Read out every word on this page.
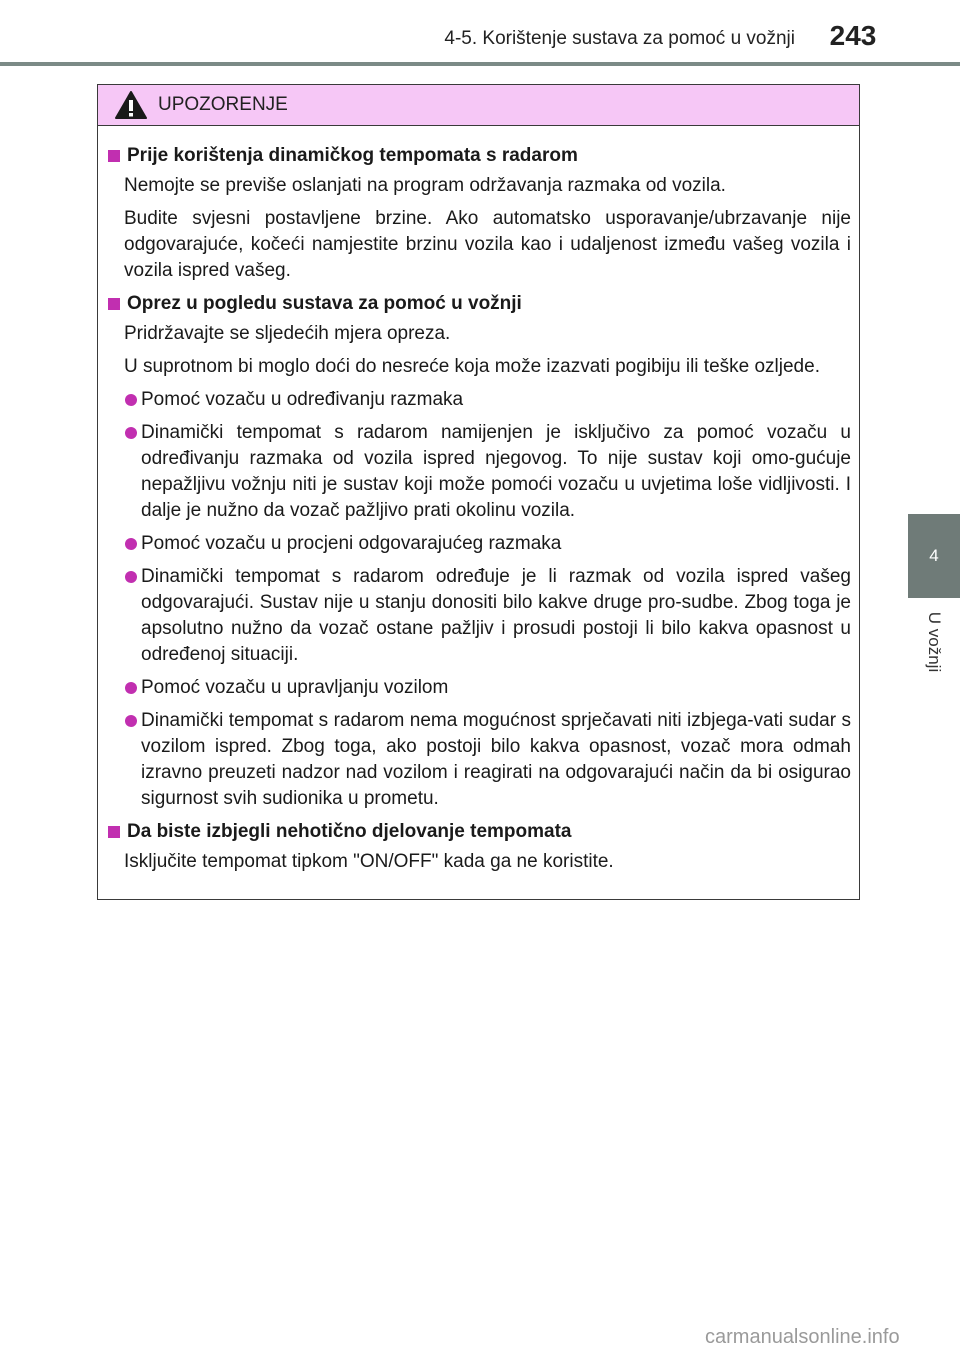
4-5. Korištenje sustava za pomoć u vožnji	243
4
U vožnji
UPOZORENJE
Prije korištenja dinamičkog tempomata s radarom

Nemojte se previše oslanjati na program održavanja razmaka od vozila.

Budite svjesni postavljene brzine. Ako automatsko usporavanje/ubrzavanje nije odgovarajuće, kočeći namjestite brzinu vozila kao i udaljenost između vašeg vozila i vozila ispred vašeg.

Oprez u pogledu sustava za pomoć u vožnji

Pridržavajte se sljedećih mjera opreza.

U suprotnom bi moglo doći do nesreće koja može izazvati pogibiju ili teške ozljede.

Pomoć vozaču u određivanju razmaka
Dinamički tempomat s radarom namijenjen je isključivo za pomoć vozaču u određivanju razmaka od vozila ispred njegovog. To nije sustav koji omo-gućuje nepažljivu vožnju niti je sustav koji može pomoći vozaču u uvjetima loše vidljivosti. I dalje je nužno da vozač pažljivo prati okolinu vozila.
Pomoć vozaču u procjeni odgovarajućeg razmaka
Dinamički tempomat s radarom određuje je li razmak od vozila ispred vašeg odgovarajući. Sustav nije u stanju donositi bilo kakve druge pro-sudbe. Zbog toga je apsolutno nužno da vozač ostane pažljiv i prosudi postoji li bilo kakva opasnost u određenoj situaciji.
Pomoć vozaču u upravljanju vozilom
Dinamički tempomat s radarom nema mogućnost sprječavati niti izbjega-vati sudar s vozilom ispred. Zbog toga, ako postoji bilo kakva opasnost, vozač mora odmah izravno preuzeti nadzor nad vozilom i reagirati na odgovarajući način da bi osigurao sigurnost svih sudionika u prometu.
Da biste izbjegli nehotično djelovanje tempomata

Isključite tempomat tipkom "ON/OFF" kada ga ne koristite.

carmanualsonline.info
